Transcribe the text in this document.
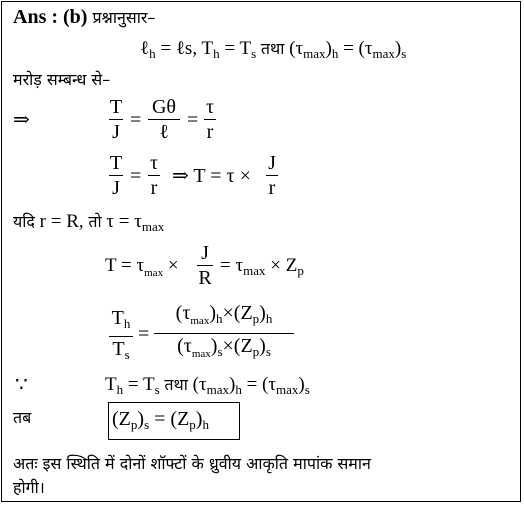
Ans : (b) प्रश्नानुसार–
ℓ$_h$ = ℓs, $T_h = T_s$ तथा $(\tau_{max})_h = (\tau_{max})_s$
मरोड़ सम्बन्ध से–
⇒
T
J
=
Gθ
ℓ
=
τ
r
T
J
=
τ
r
⇒ T = τ ×
J
r
यदि r = R, तो $\tau = \tau_{max}$
$T = \tau_{max}$ ×
J
R
= $\tau_{max} \times Z_p$
$T_h$
$T_s$
=
$(\tau_{max})_h\times(Z_p)_h$
$(\tau_{max})_s\times(Z_p)_s$
∵	$T_h = T_s$ तथा $(\tau_{max})_h = (\tau_{max})_s$
तब	$(Z_p)_s = (Z_p)_h$
अतः इस स्थिति में दोनों शॉफ्टों के ध्रुवीय आकृति मापांक समान
होगी।
